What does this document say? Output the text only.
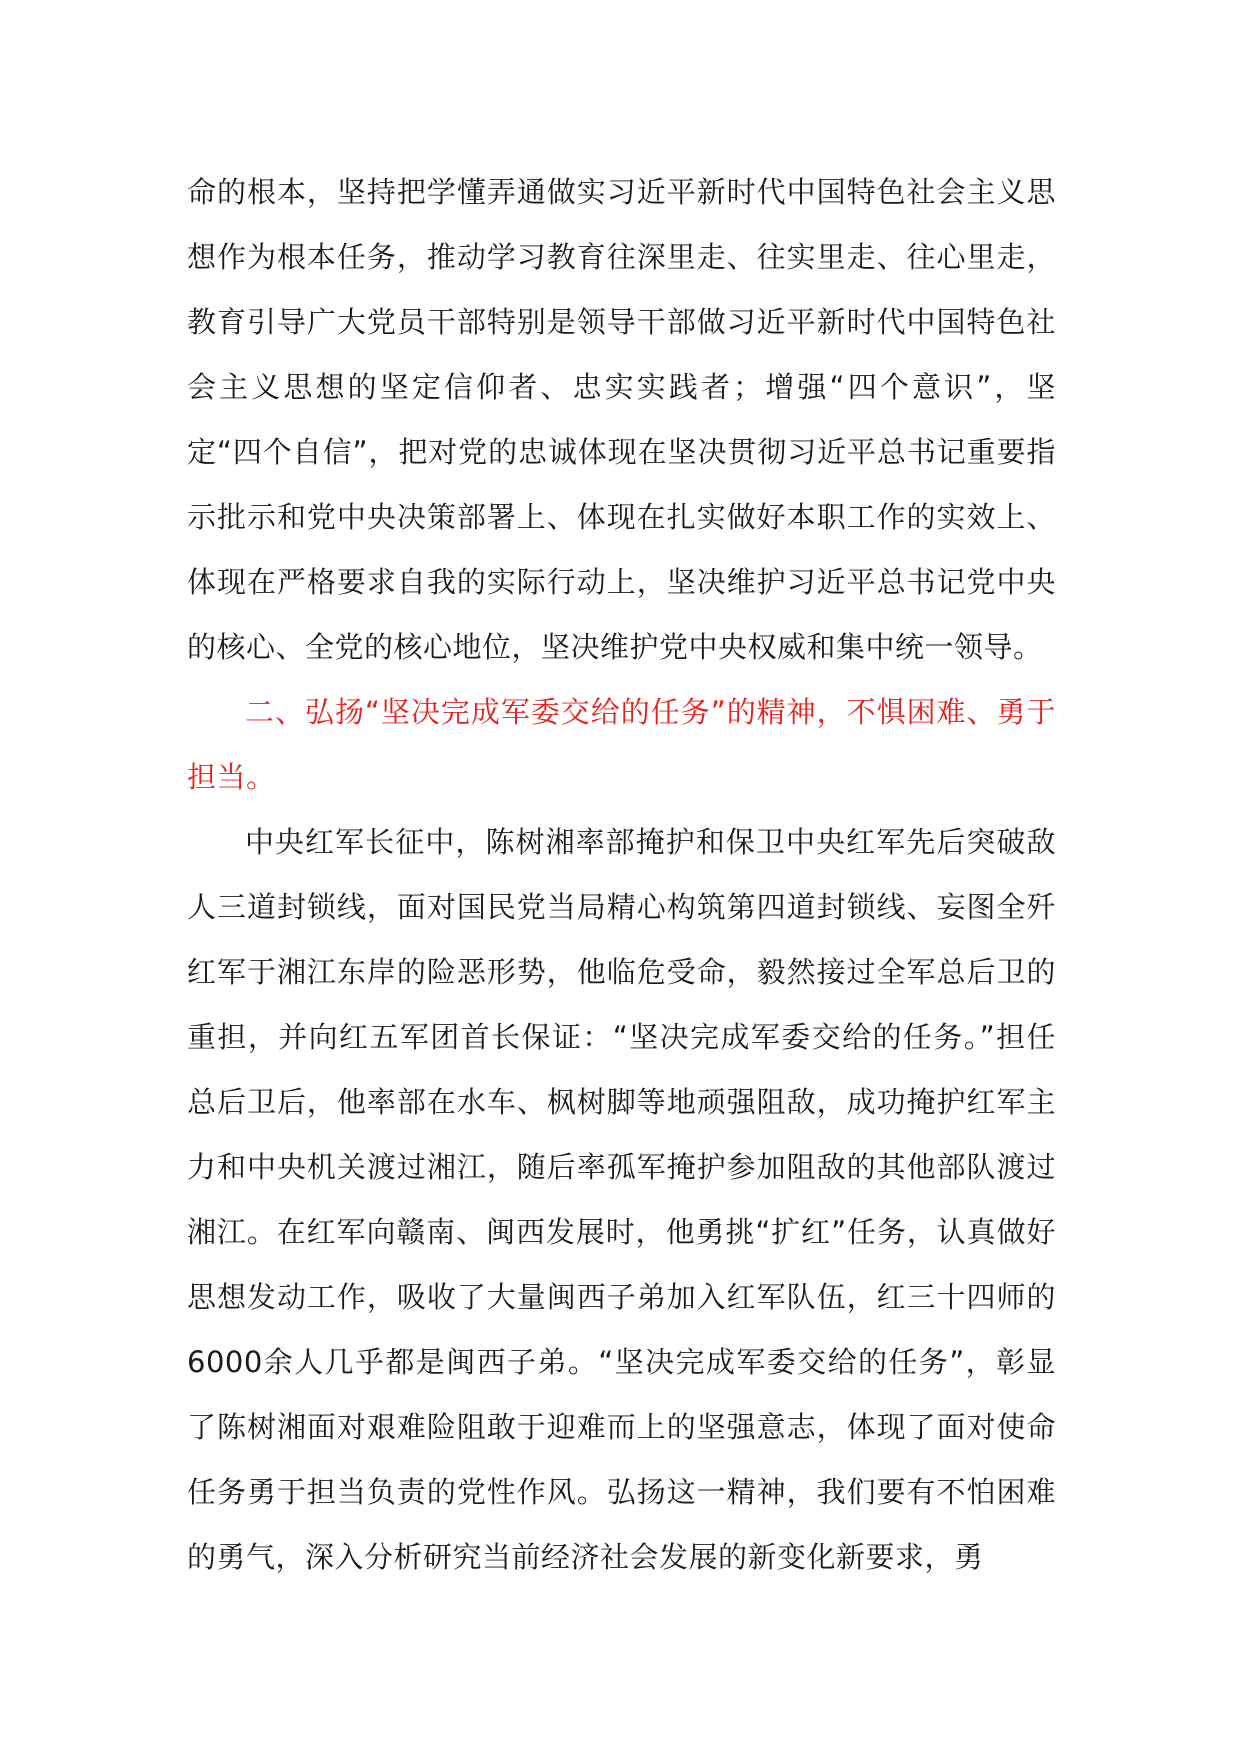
命的根本，坚持把学懂弄通做实习近平新时代中国特色社会主义思想作为根本任务，推动学习教育往深里走、往实里走、往心里走，教育引导广大党员干部特别是领导干部做习近平新时代中国特色社会主义思想的坚定信仰者、忠实实践者；增强“四个意识”，坚定“四个自信”，把对党的忠诚体现在坚决贯彻习近平总书记重要指示批示和党中央决策部署上、体现在扎实做好本职工作的实效上、体现在严格要求自我的实际行动上，坚决维护习近平总书记党中央的核心、全党的核心地位，坚决维护党中央权威和集中统一领导。

二、弘扬“坚决完成军委交给的任务”的精神，不惧困难、勇于担当。

中央红军长征中，陈树湘率部掩护和保卫中央红军先后突破敌人三道封锁线，面对国民党当局精心构筑第四道封锁线、妄图全歼红军于湘江东岸的险恶形势，他临危受命，毅然接过全军总后卫的重担，并向红五军团首长保证：“坚决完成军委交给的任务。”担任总后卫后，他率部在水车、枫树脚等地顽强阻敌，成功掩护红军主力和中央机关渡过湘江，随后率孤军掩护参加阻敌的其他部队渡过湘江。在红军向赣南、闽西发展时，他勇挑“扩红”任务，认真做好思想发动工作，吸收了大量闽西子弟加入红军队伍，红三十四师的6000余人几乎都是闽西子弟。“坚决完成军委交给的任务”，彰显了陈树湘面对艰难险阻敢于迎难而上的坚强意志，体现了面对使命任务勇于担当负责的党性作风。弘扬这一精神，我们要有不怕困难的勇气，深入分析研究当前经济社会发展的新变化新要求，勇
